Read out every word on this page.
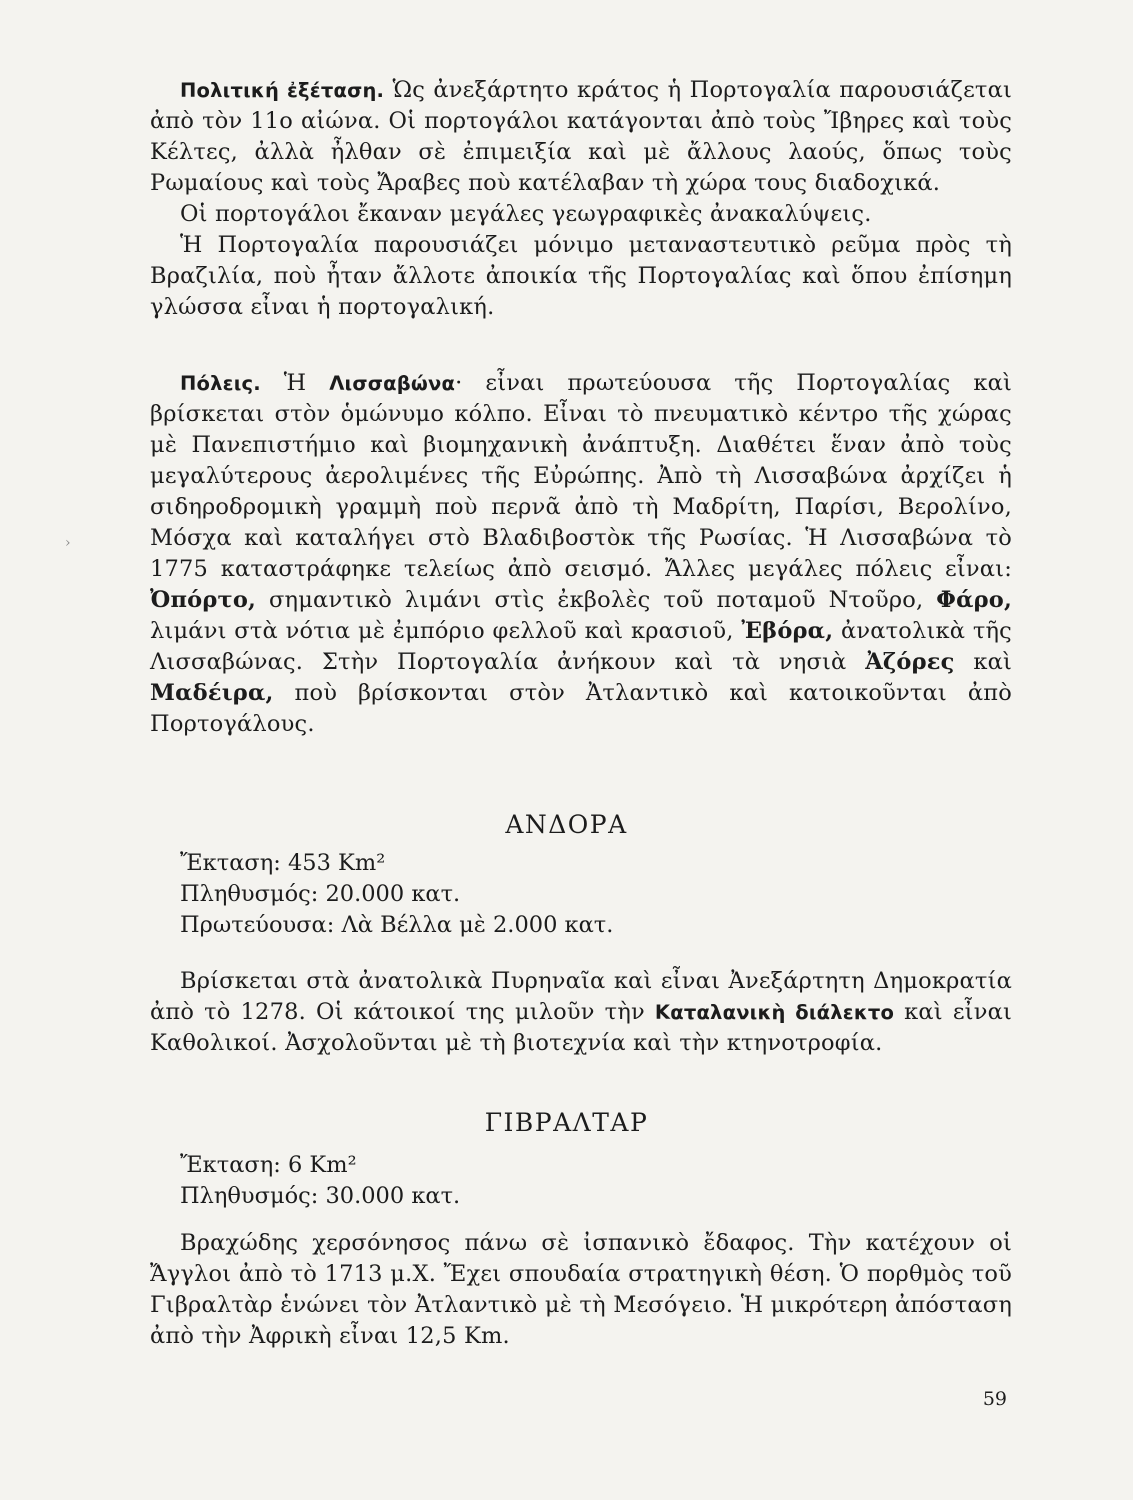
›

Πολιτική ἐξέταση. Ὡς ἀνεξάρτητο κράτος ἡ Πορτογαλία παρουσιάζεται ἀπὸ τὸν 11ο αἰώνα. Οἱ πορτογάλοι κατάγονται ἀπὸ τοὺς Ἴβηρες καὶ τοὺς Κέλτες, ἀλλὰ ἦλθαν σὲ ἐπιμειξία καὶ μὲ ἄλλους λαούς, ὅπως τοὺς Ρωμαίους καὶ τοὺς Ἄραβες ποὺ κατέλαβαν τὴ χώρα τους διαδοχικά.

Οἱ πορτογάλοι ἔκαναν μεγάλες γεωγραφικὲς ἀνακαλύψεις.

Ἡ Πορτογαλία παρουσιάζει μόνιμο μεταναστευτικὸ ρεῦμα πρὸς τὴ Βραζιλία, ποὺ ἦταν ἄλλοτε ἀποικία τῆς Πορτογαλίας καὶ ὅπου ἐπίσημη γλώσσα εἶναι ἡ πορτογαλική.

Πόλεις. Ἡ Λισσαβώνα· εἶναι πρωτεύουσα τῆς Πορτογαλίας καὶ βρίσκεται στὸν ὁμώνυμο κόλπο. Εἶναι τὸ πνευματικὸ κέντρο τῆς χώρας μὲ Πανεπιστήμιο καὶ βιομηχανικὴ ἀνάπτυξη. Διαθέτει ἕναν ἀπὸ τοὺς μεγαλύτερους ἀερολιμένες τῆς Εὐρώπης. Ἀπὸ τὴ Λισσαβώνα ἀρχίζει ἡ σιδηροδρομικὴ γραμμὴ ποὺ περνᾶ ἀπὸ τὴ Μαδρίτη, Παρίσι, Βερολίνο, Μόσχα καὶ καταλήγει στὸ Βλαδιβοστὸκ τῆς Ρωσίας. Ἡ Λισσαβώνα τὸ 1775 καταστράφηκε τελείως ἀπὸ σεισμό. Ἄλλες μεγάλες πόλεις εἶναι: Ὀπόρτο, σημαντικὸ λιμάνι στὶς ἐκβολὲς τοῦ ποταμοῦ Ντοῦρο, Φάρο, λιμάνι στὰ νότια μὲ ἐμπόριο φελλοῦ καὶ κρασιοῦ, Ἐβόρα, ἀνατολικὰ τῆς Λισσαβώνας. Στὴν Πορτογαλία ἀνήκουν καὶ τὰ νησιὰ Ἀζόρες καὶ Μαδέιρα, ποὺ βρίσκονται στὸν Ἀτλαντικὸ καὶ κατοικοῦνται ἀπὸ Πορτογάλους.

ΑΝΔΟΡΑ
Ἔκταση: 453 Km²
Πληθυσμός: 20.000 κατ.
Πρωτεύουσα: Λὰ Βέλλα μὲ 2.000 κατ.

Βρίσκεται στὰ ἀνατολικὰ Πυρηναῖα καὶ εἶναι Ἀνεξάρτητη Δημοκρατία ἀπὸ τὸ 1278. Οἱ κάτοικοί της μιλοῦν τὴν Καταλανικὴ διάλεκτο καὶ εἶναι Καθολικοί. Ἀσχολοῦνται μὲ τὴ βιοτεχνία καὶ τὴν κτηνοτροφία.

ΓΙΒΡΑΛΤΑΡ
Ἔκταση: 6 Km²
Πληθυσμός: 30.000 κατ.

Βραχώδης χερσόνησος πάνω σὲ ἰσπανικὸ ἔδαφος. Τὴν κατέχουν οἱ Ἄγγλοι ἀπὸ τὸ 1713 μ.Χ. Ἔχει σπουδαία στρατηγικὴ θέση. Ὁ πορθμὸς τοῦ Γιβραλτὰρ ἑνώνει τὸν Ἀτλαντικὸ μὲ τὴ Μεσόγειο. Ἡ μικρότερη ἀπόσταση ἀπὸ τὴν Ἀφρικὴ εἶναι 12,5 Km.

59
